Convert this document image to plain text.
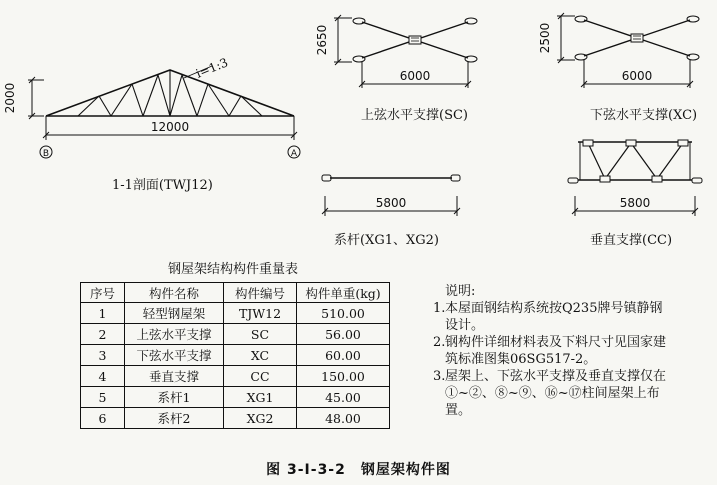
2000
i=1:3
12000
B	A
2650
6000
2500
6000
5800	5800
1-1剖面(TWJ12)
上弦水平支撑(SC)	下弦水平支撑(XC)
系杆(XG1、XG2)	垂直支撑(CC)
钢屋架结构构件重量表
序号	构件名称	构件编号	构件单重(kg)
1	轻型钢屋架	TJW12	510.00
2	上弦水平支撑	SC	56.00
3	下弦水平支撑	XC	60.00
4	垂直支撑	CC	150.00
5	系杆1	XG1	45.00
6	系杆2	XG2	48.00
说明:
1. 本屋面钢结构系统按Q235牌号镇静钢设计。
2. 钢构件详细材料表及下料尺寸见国家建筑标准图集06SG517-2。
3. 屋架上、下弦水平支撑及垂直支撑仅在①~②、⑧~⑨、⑯~⑰柱间屋架上布置。
图 3-Ⅰ-3-2　钢屋架构件图
